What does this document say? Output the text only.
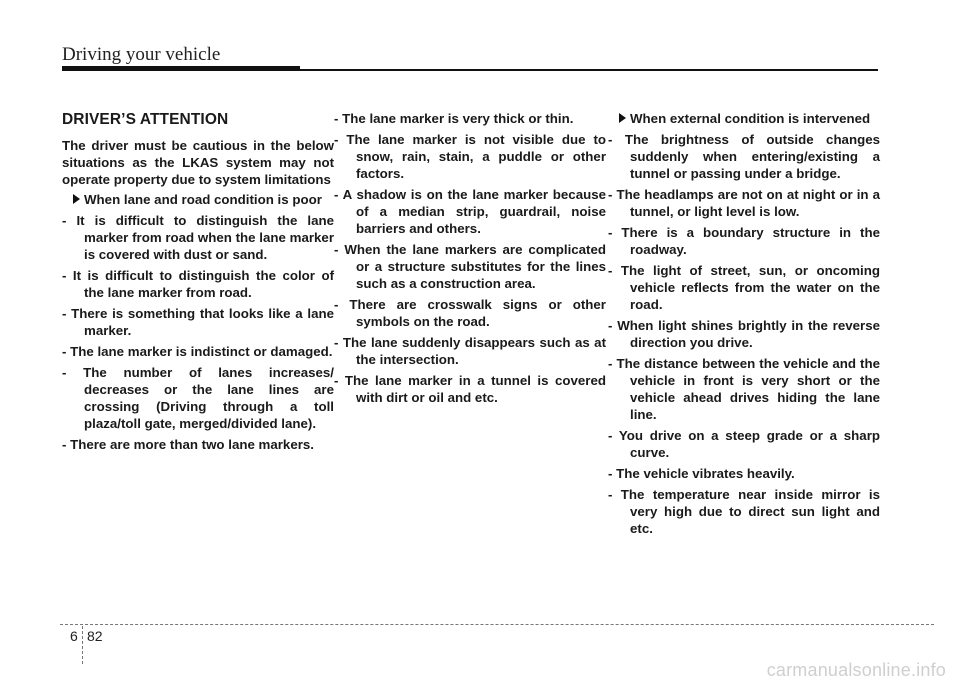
Driving your vehicle
DRIVER’S ATTENTION

The driver must be cautious in the below situations as the LKAS system may not operate property due to system limitations

When lane and road condition is poor
- It is difficult to distinguish the lane marker from road when the lane marker is covered with dust or sand.
- It is difficult to distinguish the color of the lane marker from road.
- There is something that looks like a lane marker.
- The lane marker is indistinct or damaged.
- The number of lanes increases/ decreases or the lane lines are crossing (Driving through a toll plaza/toll gate, merged/divided lane).
- There are more than two lane markers.
- The lane marker is very thick or thin.
- The lane marker is not visible due to snow, rain, stain, a puddle or other factors.
- A shadow is on the lane marker because of a median strip, guardrail, noise barriers and others.
- When the lane markers are complicated or a structure substitutes for the lines such as a construction area.
- There are crosswalk signs or other symbols on the road.
- The lane suddenly disappears such as at the intersection.
- The lane marker in a tunnel is covered with dirt or oil and etc.
When external condition is intervened
- The brightness of outside changes suddenly when entering/existing a tunnel or passing under a bridge.
- The headlamps are not on at night or in a tunnel, or light level is low.
- There is a boundary structure in the roadway.
- The light of street, sun, or oncoming vehicle reflects from the water on the road.
- When light shines brightly in the reverse direction you drive.
- The distance between the vehicle and the vehicle in front is very short or the vehicle ahead drives hiding the lane line.
- You drive on a steep grade or a sharp curve.
- The vehicle vibrates heavily.
- The temperature near inside mirror is very high due to direct sun light and etc.
6 82
carmanualsonline.info
